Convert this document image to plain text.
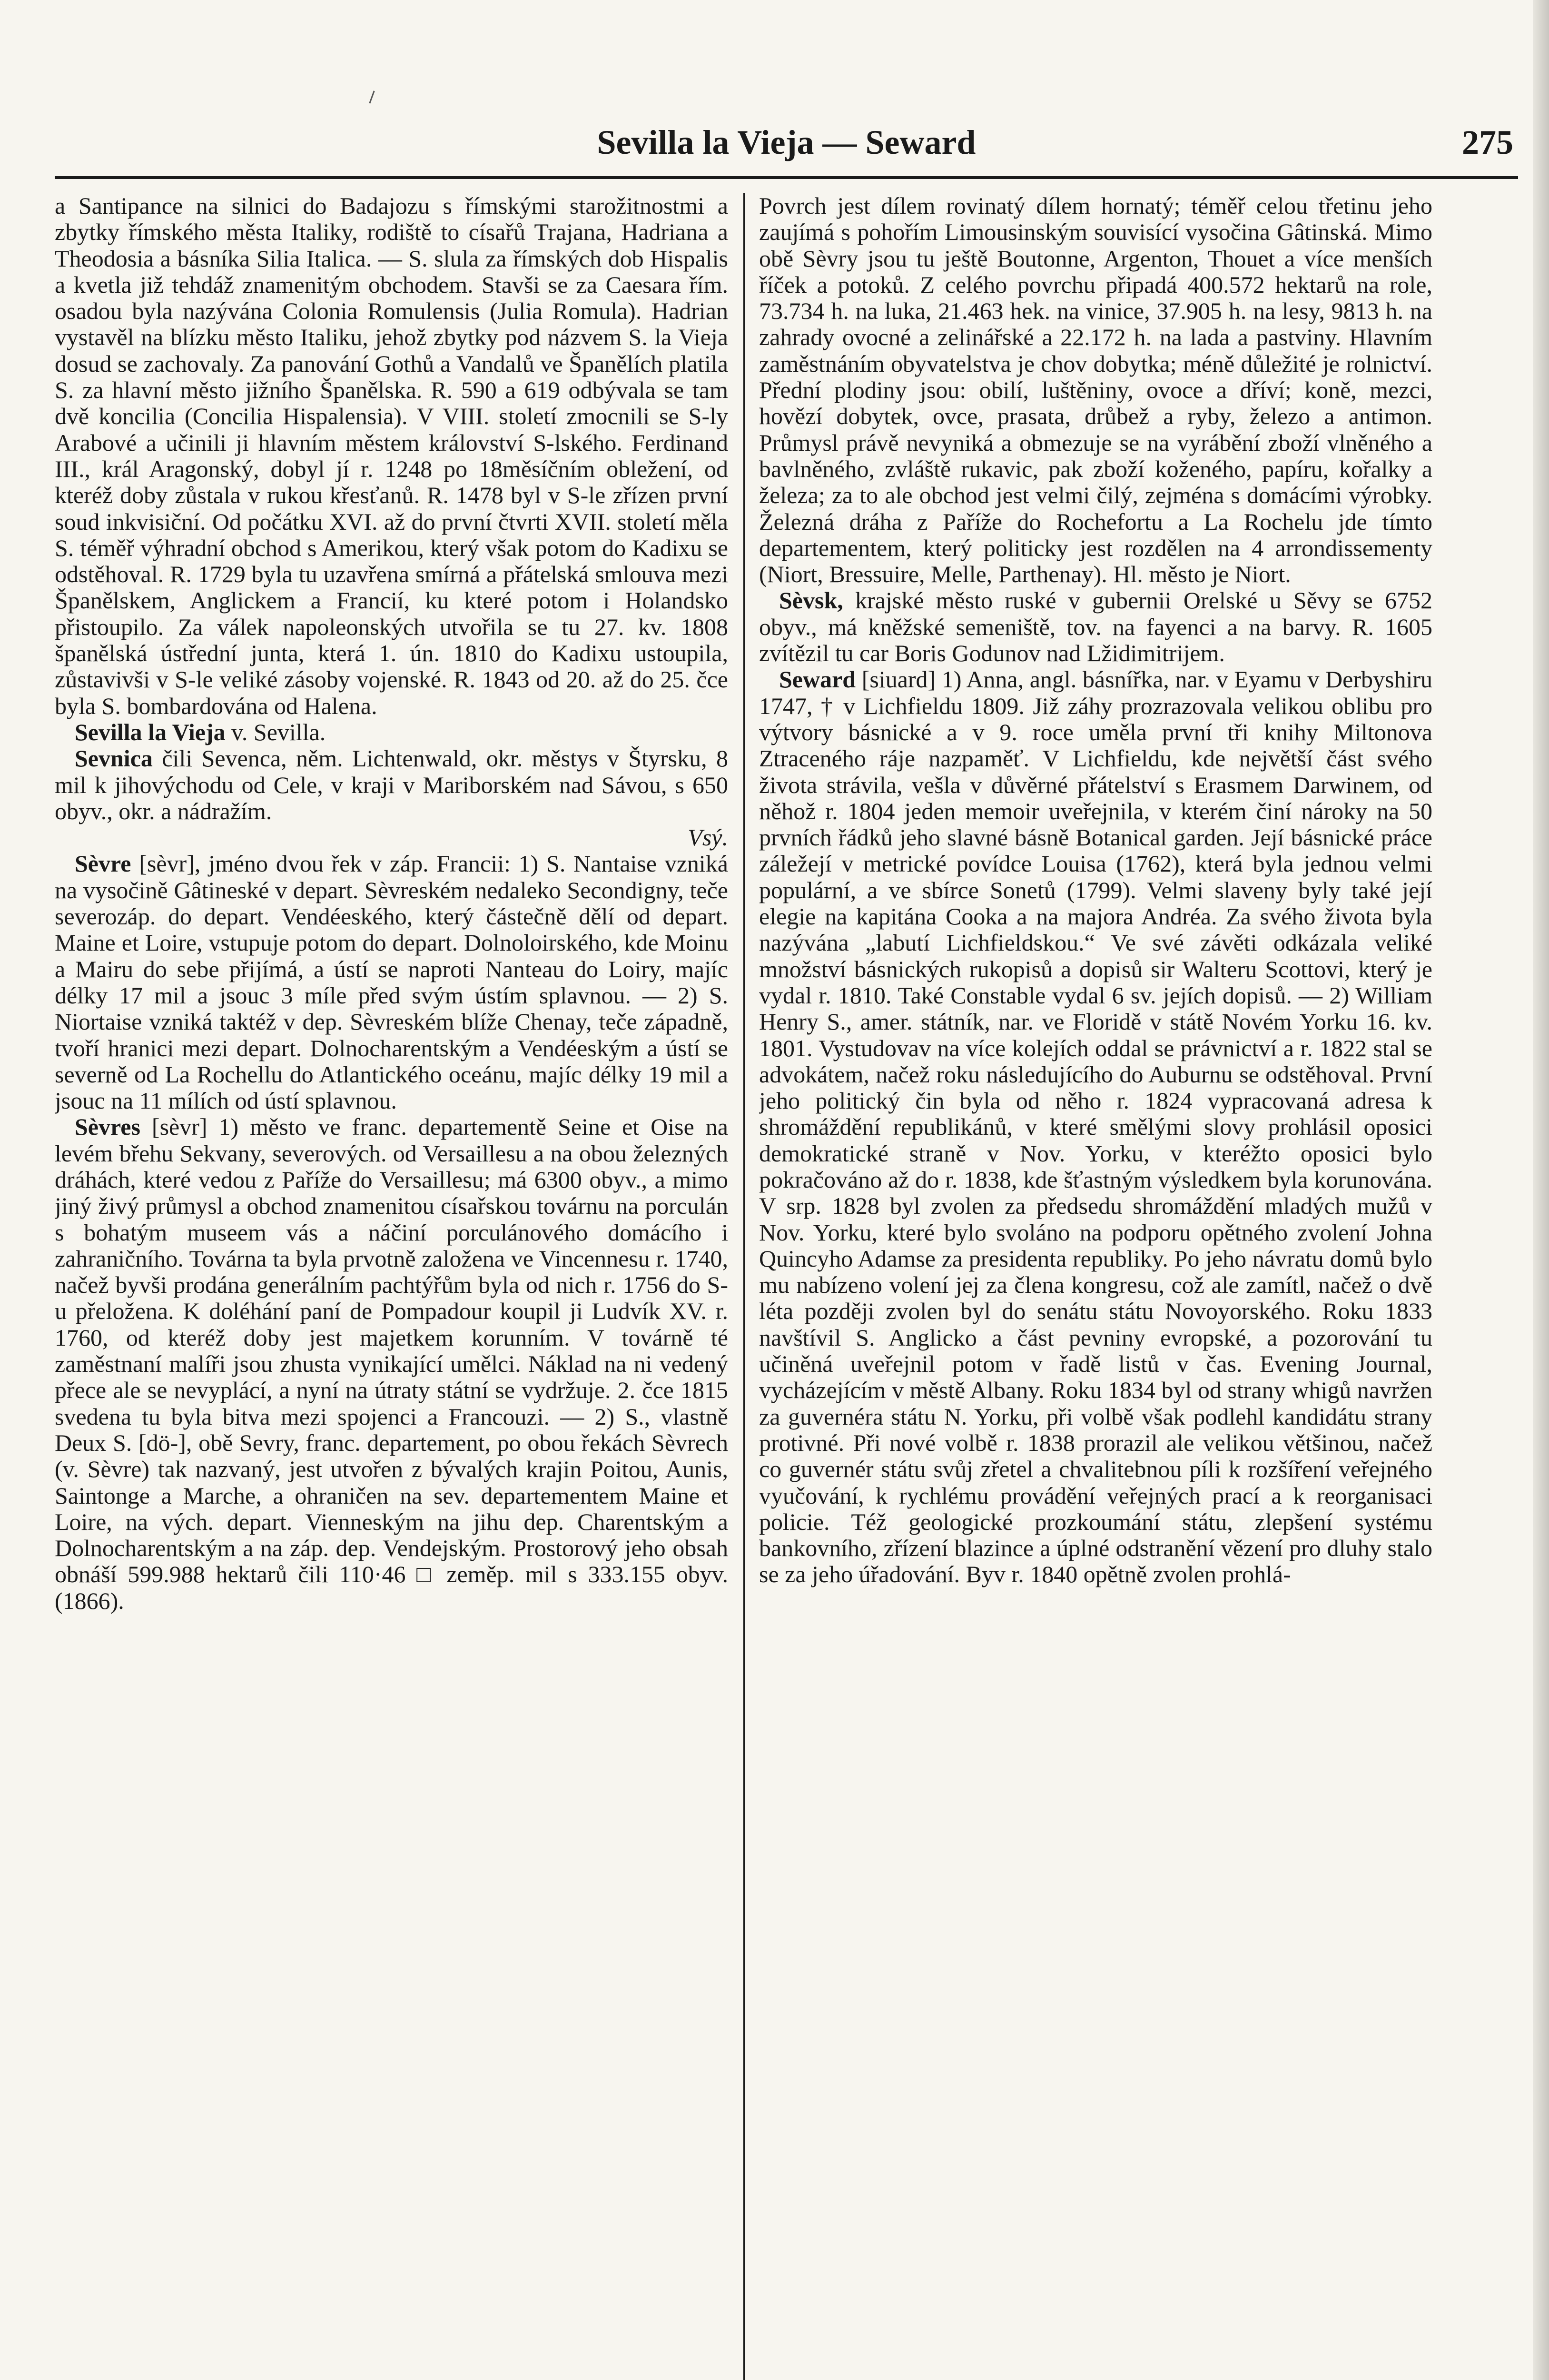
Sevilla la Vieja — Seward	275

a Santipance na silnici do Badajozu s římskými starožitnostmi a zbytky římského města Italiky, rodiště to císařů Trajana, Hadriana a Theodosia a básníka Silia Italica. — S. slula za římských dob Hispalis a kvetla již tehdáž znamenitým obchodem. Stavši se za Caesara řím. osadou byla nazývána Colonia Romulensis (Julia Romula). Hadrian vystavěl na blízku město Italiku, jehož zbytky pod názvem S. la Vieja dosud se zachovaly. Za panování Gothů a Vandalů ve Španělích platila S. za hlavní město jižního Španělska. R. 590 a 619 odbývala se tam dvě koncilia (Concilia Hispalensia). V VIII. století zmocnili se S-ly Arabové a učinili ji hlavním městem království S-lského. Ferdinand III., král Aragonský, dobyl jí r. 1248 po 18měsíčním obležení, od kteréž doby zůstala v rukou křesťanů. R. 1478 byl v S-le zřízen první soud inkvisiční. Od počátku XVI. až do první čtvrti XVII. století měla S. téměř výhradní obchod s Amerikou, který však potom do Kadixu se odstěhoval. R. 1729 byla tu uzavřena smírná a přátelská smlouva mezi Španělskem, Anglickem a Francií, ku které potom i Holandsko přistoupilo. Za válek napoleonských utvořila se tu 27. kv. 1808 španělská ústřední junta, která 1. ún. 1810 do Kadixu ustoupila, zůstavivši v S-le veliké zásoby vojenské. R. 1843 od 20. až do 25. čce byla S. bombardována od Halena.

Sevilla la Vieja v. Sevilla.

Sevnica čili Sevenca, něm. Lichtenwald, okr. městys v Štyrsku, 8 mil k jihovýchodu od Cele, v kraji v Mariborském nad Sávou, s 650 obyv., okr. a nádražím.
Vsý.

Sèvre [sèvr], jméno dvou řek v záp. Francii: 1) S. Nantaise vzniká na vysočině Gâtineské v depart. Sèvreském nedaleko Secondigny, teče severozáp. do depart. Vendéeského, který částečně dělí od depart. Maine et Loire, vstupuje potom do depart. Dolnoloirského, kde Moinu a Mairu do sebe přijímá, a ústí se naproti Nanteau do Loiry, majíc délky 17 mil a jsouc 3 míle před svým ústím splavnou. — 2) S. Niortaise vzniká taktéž v dep. Sèvreském blíže Chenay, teče západně, tvoří hranici mezi depart. Dolnocharentským a Vendéeským a ústí se severně od La Rochellu do Atlantického oceánu, majíc délky 19 mil a jsouc na 11 mílích od ústí splavnou.

Sèvres [sèvr] 1) město ve franc. departementě Seine et Oise na levém břehu Sekvany, severových. od Versaillesu a na obou železných dráhách, které vedou z Paříže do Versaillesu; má 6300 obyv., a mimo jiný živý průmysl a obchod znamenitou císařskou továrnu na porculán s bohatým museem vás a náčiní porculánového domácího i zahraničního. Továrna ta byla prvotně založena ve Vincennesu r. 1740, načež byvši prodána generálním pachtýřům byla od nich r. 1756 do S-u přeložena. K doléhání paní de Pompadour koupil ji Ludvík XV. r. 1760, od kteréž doby jest majetkem korunním. V továrně té zaměstnaní malíři jsou zhusta vynikající umělci. Náklad na ni vedený přece ale se nevyplácí, a nyní na útraty státní se vydržuje. 2. čce 1815 svedena tu byla bitva mezi spojenci a Francouzi. — 2) S., vlastně Deux S. [dö-], obě Sevry, franc. departement, po obou řekách Sèvrech (v. Sèvre) tak nazvaný, jest utvořen z bývalých krajin Poitou, Aunis, Saintonge a Marche, a ohraničen na sev. departementem Maine et Loire, na vých. depart. Vienneským na jihu dep. Charentským a Dolnocharentským a na záp. dep. Vendejským. Prostorový jeho obsah obnáší 599.988 hektarů čili 110·46 □ zeměp. mil s 333.155 obyv. (1866).

Povrch jest dílem rovinatý dílem hornatý; téměř celou třetinu jeho zaujímá s pohořím Limousinským souvisící vysočina Gâtinská. Mimo obě Sèvry jsou tu ještě Boutonne, Argenton, Thouet a více menších říček a potoků. Z celého povrchu připadá 400.572 hektarů na role, 73.734 h. na luka, 21.463 hek. na vinice, 37.905 h. na lesy, 9813 h. na zahrady ovocné a zelinářské a 22.172 h. na lada a pastviny. Hlavním zaměstnáním obyvatelstva je chov dobytka; méně důležité je rolnictví. Přední plodiny jsou: obilí, luštěniny, ovoce a dříví; koně, mezci, hovězí dobytek, ovce, prasata, drůbež a ryby, železo a antimon. Průmysl právě nevyniká a obmezuje se na vyrábění zboží vlněného a bavlněného, zvláště rukavic, pak zboží koženého, papíru, kořalky a železa; za to ale obchod jest velmi čilý, zejména s domácími výrobky. Železná dráha z Paříže do Rochefortu a La Rochelu jde tímto departementem, který politicky jest rozdělen na 4 arrondissementy (Niort, Bressuire, Melle, Parthenay). Hl. město je Niort.

Sèvsk, krajské město ruské v gubernii Orelské u Sěvy se 6752 obyv., má kněžské semeniště, tov. na fayenci a na barvy. R. 1605 zvítězil tu car Boris Godunov nad Lžidimitrijem.

Seward [siuard] 1) Anna, angl. básnířka, nar. v Eyamu v Derbyshiru 1747, † v Lichfieldu 1809. Již záhy prozrazovala velikou oblibu pro výtvory básnické a v 9. roce uměla první tři knihy Miltonova Ztraceného ráje nazpaměť. V Lichfieldu, kde největší část svého života strávila, vešla v důvěrné přátelství s Erasmem Darwinem, od něhož r. 1804 jeden memoir uveřejnila, v kterém činí nároky na 50 prvních řádků jeho slavné básně Botanical garden. Její básnické práce záležejí v metrické povídce Louisa (1762), která byla jednou velmi populární, a ve sbírce Sonetů (1799). Velmi slaveny byly také její elegie na kapitána Cooka a na majora Andréa. Za svého života byla nazývána „labutí Lichfieldskou.“ Ve své závěti odkázala veliké množství básnických rukopisů a dopisů sir Walteru Scottovi, který je vydal r. 1810. Také Constable vydal 6 sv. jejích dopisů. — 2) William Henry S., amer. státník, nar. ve Floridě v státě Novém Yorku 16. kv. 1801. Vystudovav na více kolejích oddal se právnictví a r. 1822 stal se advokátem, načež roku následujícího do Auburnu se odstěhoval. První jeho politický čin byla od něho r. 1824 vypracovaná adresa k shromáždění republikánů, v které smělými slovy prohlásil oposici demokratické straně v Nov. Yorku, v kteréžto oposici bylo pokračováno až do r. 1838, kde šťastným výsledkem byla korunována. V srp. 1828 byl zvolen za předsedu shromáždění mladých mužů v Nov. Yorku, které bylo svoláno na podporu opětného zvolení Johna Quincyho Adamse za presidenta republiky. Po jeho návratu domů bylo mu nabízeno volení jej za člena kongresu, což ale zamítl, načež o dvě léta později zvolen byl do senátu státu Novoyorského. Roku 1833 navštívil S. Anglicko a část pevniny evropské, a pozorování tu učiněná uveřejnil potom v řadě listů v čas. Evening Journal, vycházejícím v městě Albany. Roku 1834 byl od strany whigů navržen za guvernéra státu N. Yorku, při volbě však podlehl kandidátu strany protivné. Při nové volbě r. 1838 prorazil ale velikou většinou, načež co guvernér státu svůj zřetel a chvalitebnou píli k rozšíření veřejného vyučování, k rychlému provádění veřejných prací a k reorganisaci policie. Též geologické prozkoumání státu, zlepšení systému bankovního, zřízení blazince a úplné odstranění vězení pro dluhy stalo se za jeho úřadování. Byv r. 1840 opětně zvolen prohlá-
